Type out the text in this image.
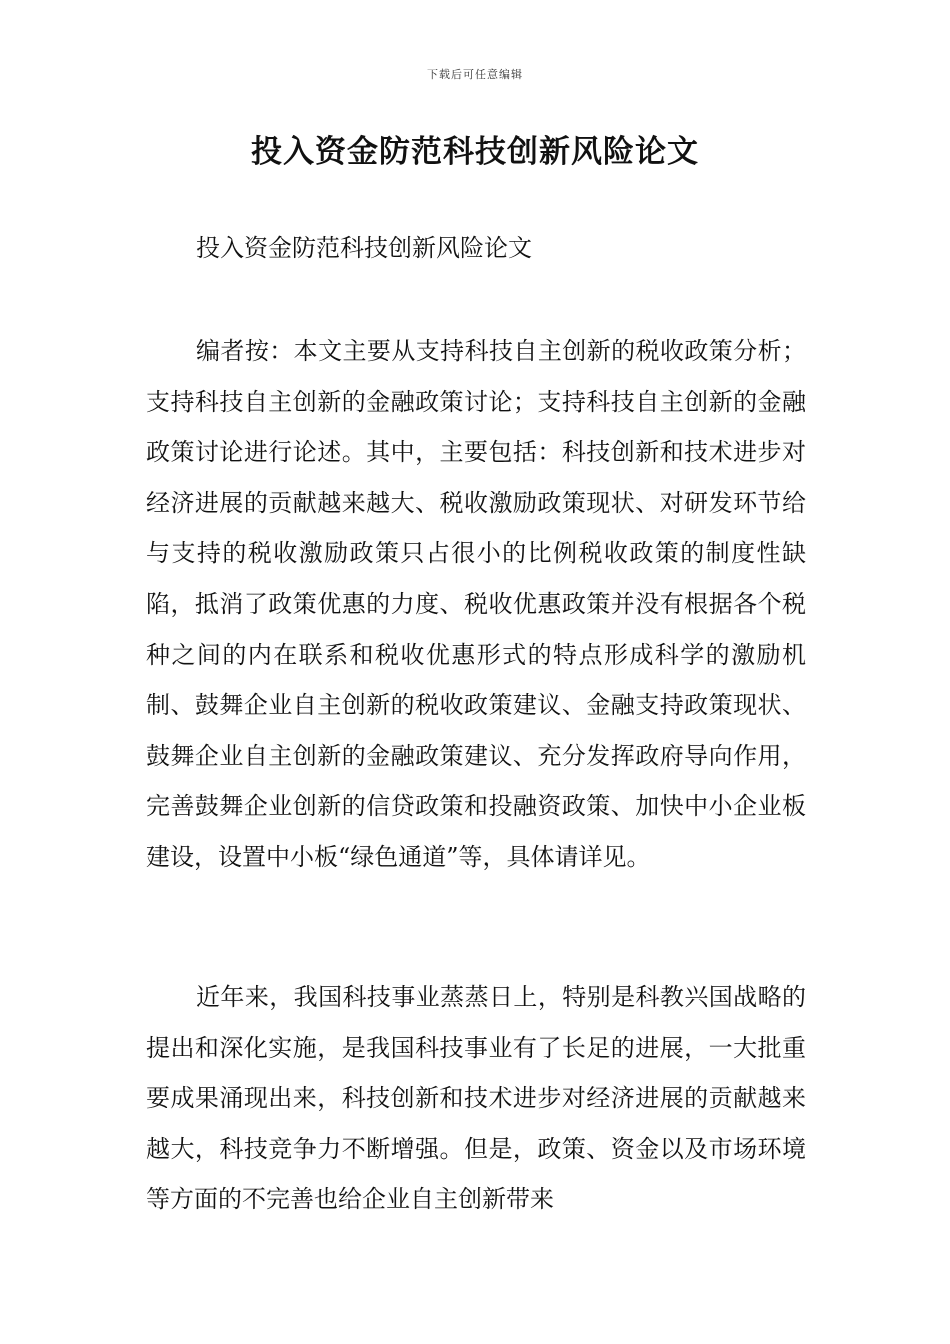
下载后可任意编辑
投入资金防范科技创新风险论文

投入资金防范科技创新风险论文

编者按：本文主要从支持科技自主创新的税收政策分析；支持科技自主创新的金融政策讨论；支持科技自主创新的金融政策讨论进行论述。其中，主要包括：科技创新和技术进步对经济进展的贡献越来越大、税收激励政策现状、对研发环节给与支持的税收激励政策只占很小的比例税收政策的制度性缺陷，抵消了政策优惠的力度、税收优惠政策并没有根据各个税种之间的内在联系和税收优惠形式的特点形成科学的激励机制、鼓舞企业自主创新的税收政策建议、金融支持政策现状、鼓舞企业自主创新的金融政策建议、充分发挥政府导向作用，完善鼓舞企业创新的信贷政策和投融资政策、加快中小企业板建设，设置中小板“绿色通道”等，具体请详见。

近年来，我国科技事业蒸蒸日上，特别是科教兴国战略的提出和深化实施，是我国科技事业有了长足的进展，一大批重要成果涌现出来，科技创新和技术进步对经济进展的贡献越来越大，科技竞争力不断增强。但是，政策、资金以及市场环境等方面的不完善也给企业自主创新带来
